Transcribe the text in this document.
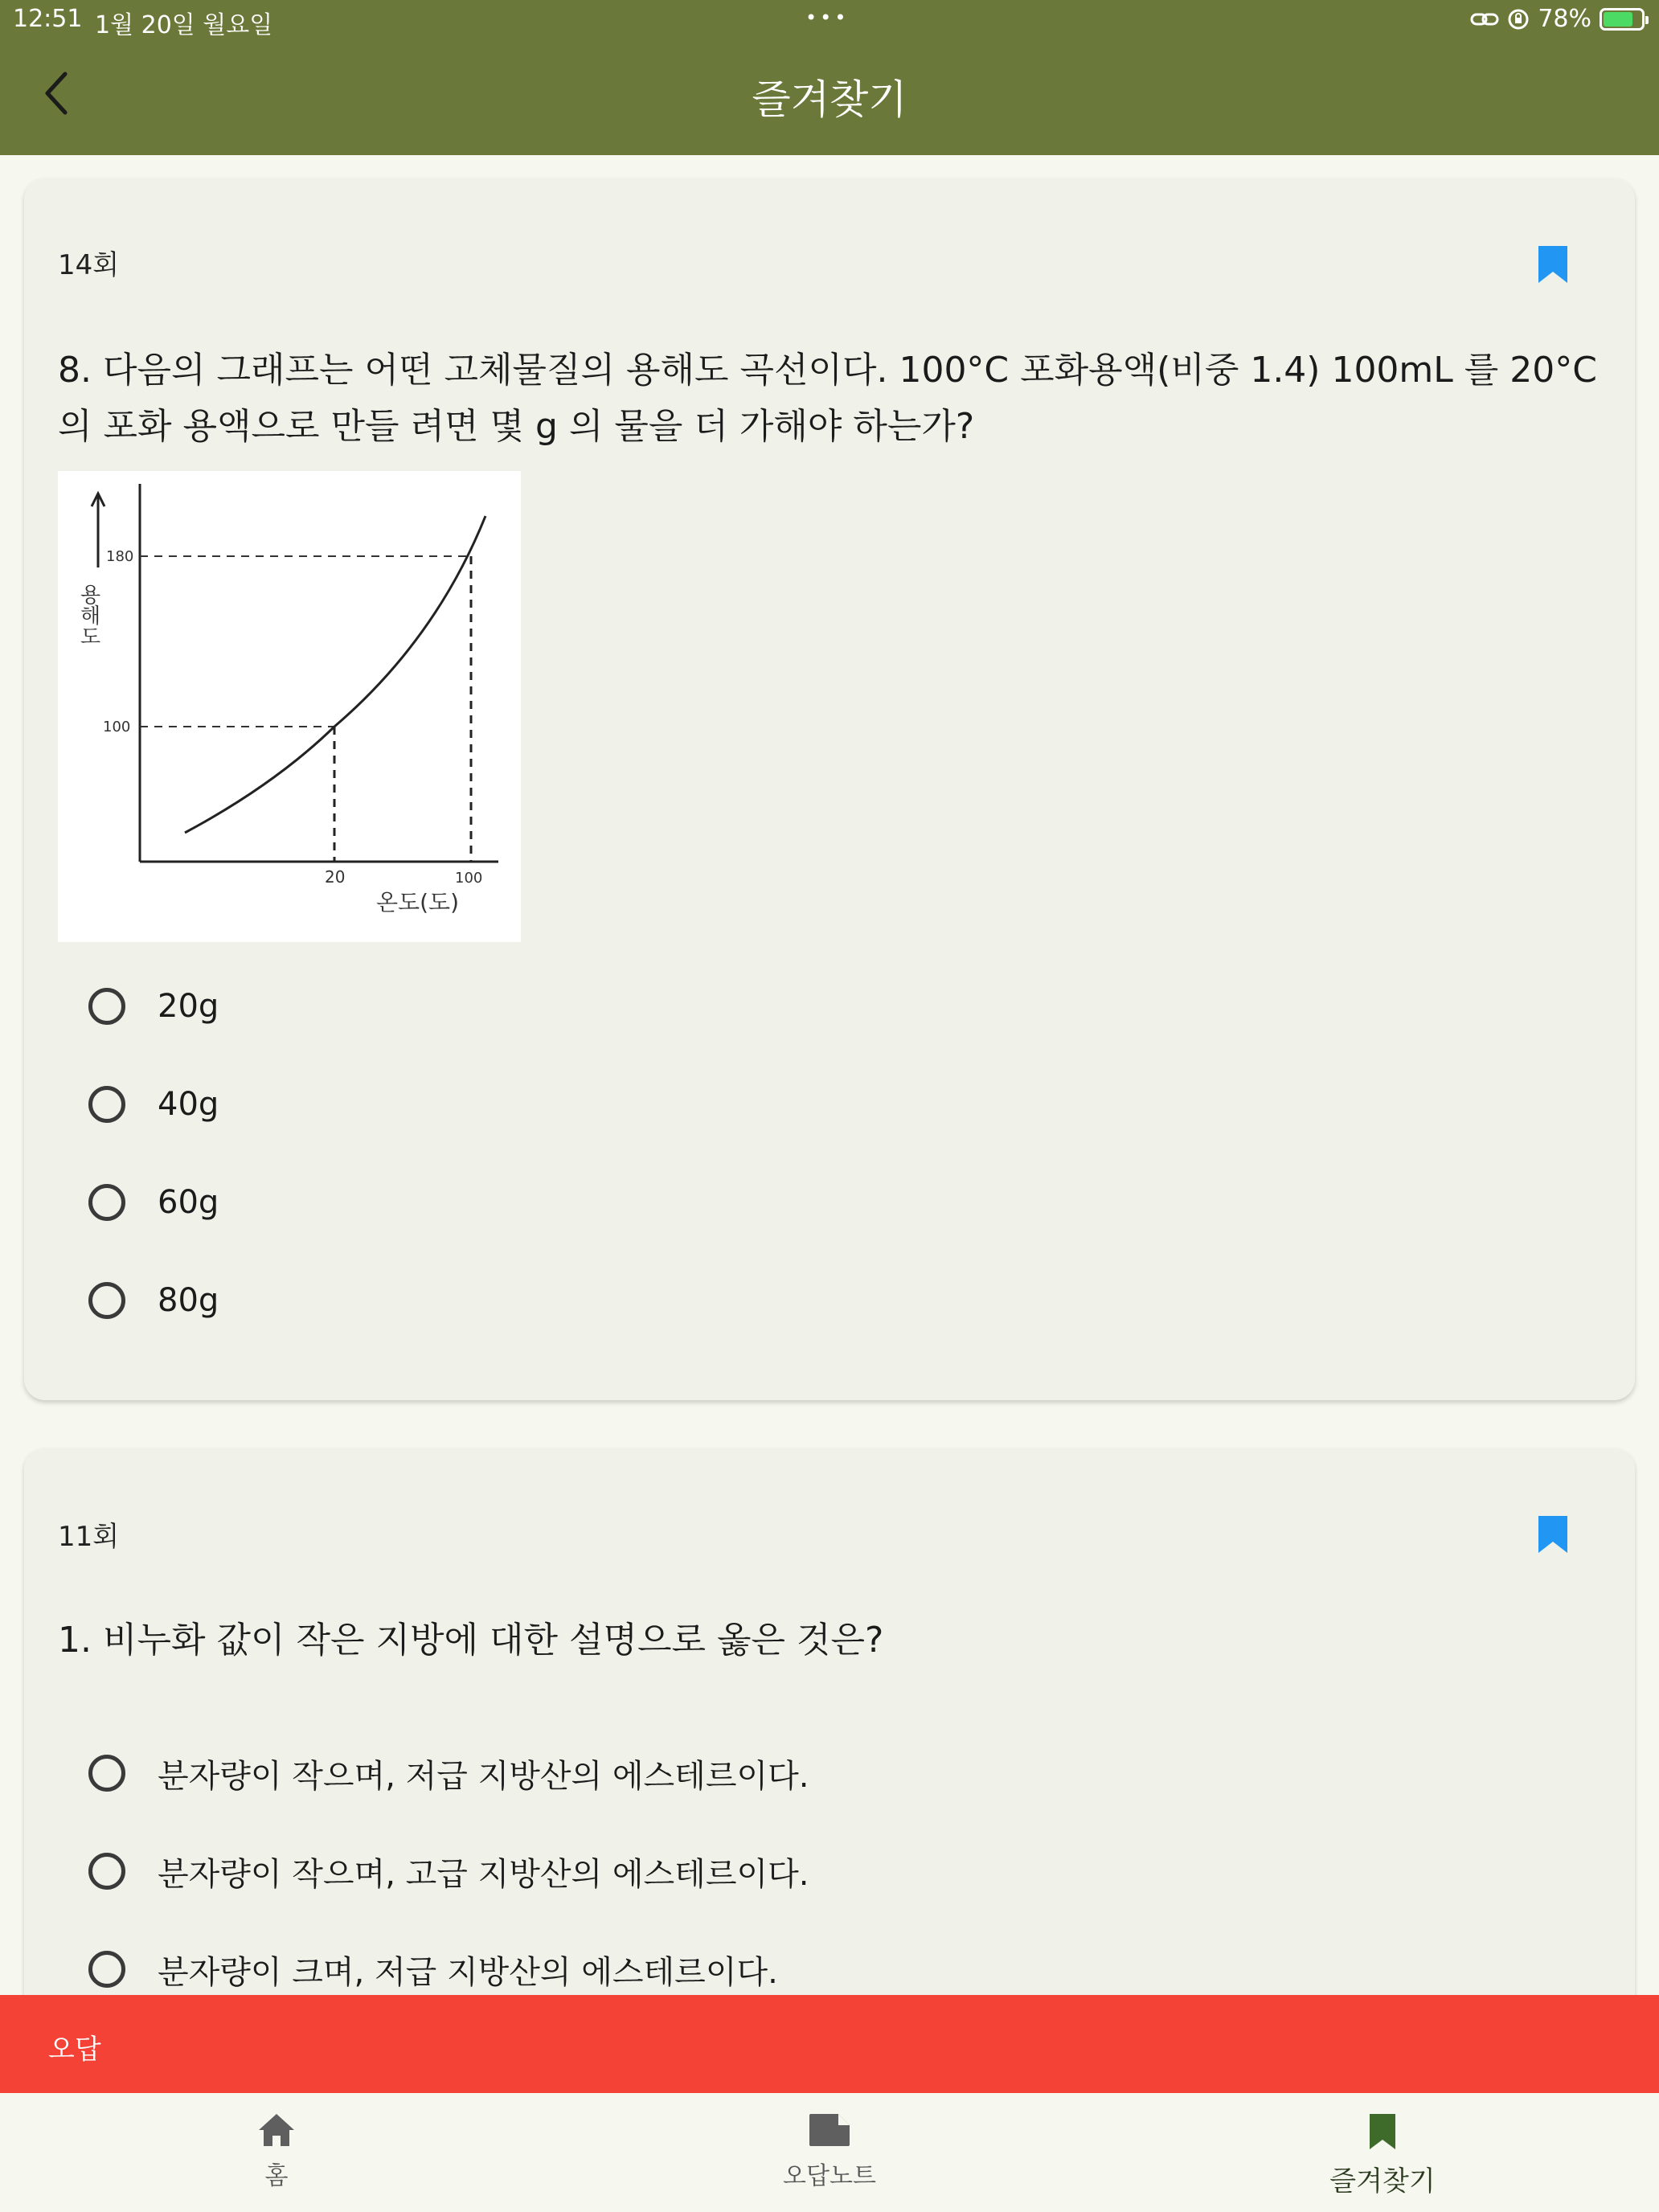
12:51 1월 20일 월요일	•••	78%
즐겨찾기
14회
8. 다음의 그래프는 어떤 고체물질의 용해도 곡선이다. 100°C 포화용액(비중 1.4) 100mL 를 20°C 의 포화 용액으로 만들 려면 몇 g 의 물을 더 가해야 하는가?
180
100
20	100
용해도
온도(도)
20g
40g
60g
80g
11회
1. 비누화 값이 작은 지방에 대한 설명으로 옳은 것은?
분자량이 작으며, 저급 지방산의 에스테르이다.
분자량이 작으며, 고급 지방산의 에스테르이다.
분자량이 크며, 저급 지방산의 에스테르이다.
오답
홈	오답노트	즐겨찾기
